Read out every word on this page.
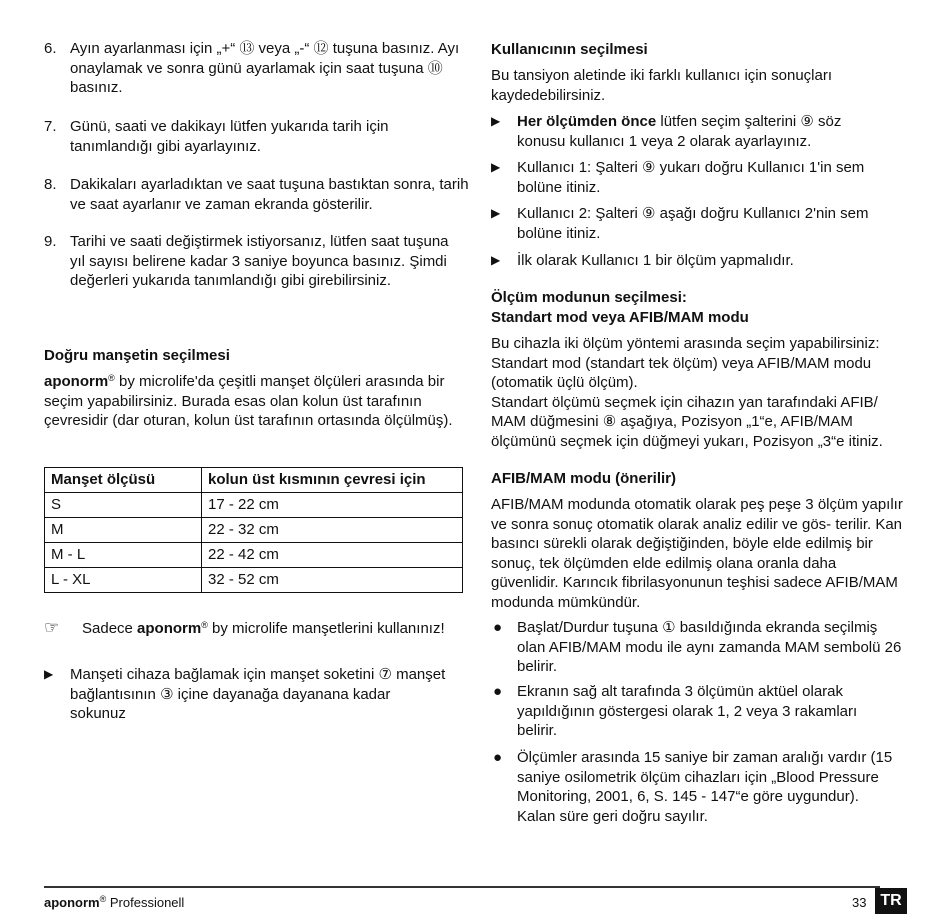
6. Ayın ayarlanması için „+“ ⑬ veya „-“ ⑫ tuşuna basınız. Ayı onaylamak ve sonra günü ayarlamak için saat tuşuna ⑩ basınız.
7. Günü, saati ve dakikayı lütfen yukarıda tarih için tanımlandığı gibi ayarlayınız.
8. Dakikaları ayarladıktan ve saat tuşuna bastıktan sonra, tarih ve saat ayarlanır ve zaman ekranda gösterilir.
9. Tarihi ve saati değiştirmek istiyorsanız, lütfen saat tuşuna yıl sayısı belirene kadar 3 saniye boyunca basınız. Şimdi değerleri yukarıda tanımlandığı gibi girebilirsiniz.
Doğru manşetin seçilmesi
aponorm® by microlife'da çeşitli manşet ölçüleri arasında bir seçim yapabilirsiniz. Burada esas olan kolun üst tarafının çevresidir (dar oturan, kolun üst tarafının ortasında ölçülmüş).
Manşet ölçüsü	kolun üst kısmının çevresi için
S	17 - 22 cm
M	22 - 32 cm
M - L	22 - 42 cm
L - XL	32 - 52 cm
☞ Sadece aponorm® by microlife manşetlerini kullanınız!
▶ Manşeti cihaza bağlamak için manşet soketini ⑦ manşet bağlantısının ③ içine dayanağa dayanana kadar sokunuz
Kullanıcının seçilmesi
Bu tansiyon aletinde iki farklı kullanıcı için sonuçları kaydedebilirsiniz.
▶ Her ölçümden önce lütfen seçim şalterini ⑨ söz konusu kullanıcı 1 veya 2 olarak ayarlayınız.
▶ Kullanıcı 1: Şalteri ⑨ yukarı doğru Kullanıcı 1'in sem bolüne itiniz.
▶ Kullanıcı 2: Şalteri ⑨ aşağı doğru Kullanıcı 2'nin sem bolüne itiniz.
▶ İlk olarak Kullanıcı 1 bir ölçüm yapmalıdır.
Ölçüm modunun seçilmesi:
Standart mod veya AFIB/MAM modu
Bu cihazla iki ölçüm yöntemi arasında seçim yapabilirsiniz: Standart mod (standart tek ölçüm) veya AFIB/MAM modu (otomatik üçlü ölçüm).
Standart ölçümü seçmek için cihazın yan tarafındaki AFIB/ MAM düğmesini ⑧ aşağıya, Pozisyon „1“e, AFIB/MAM ölçümünü seçmek için düğmeyi yukarı, Pozisyon „3“e itiniz.
AFIB/MAM modu (önerilir)
AFIB/MAM modunda otomatik olarak peş peşe 3 ölçüm yapılır ve sonra sonuç otomatik olarak analiz edilir ve gös- terilir. Kan basıncı sürekli olarak değiştiğinden, böyle elde edilmiş bir sonuç, tek ölçümden elde edilmiş olana oranla daha güvenlidir. Karıncık fibrilasyonunun teşhisi sadece AFIB/MAM modunda mümkündür.
● Başlat/Durdur tuşuna ① basıldığında ekranda seçilmiş olan AFIB/MAM modu ile aynı zamanda MAM sembolü 26 belirir.
● Ekranın sağ alt tarafında 3 ölçümün aktüel olarak yapıldığının göstergesi olarak 1, 2 veya 3 rakamları belirir.
● Ölçümler arasında 15 saniye bir zaman aralığı vardır (15 saniye osilometrik ölçüm cihazları için „Blood Pressure Monitoring, 2001, 6, S. 145 - 147“e göre uygundur). Kalan süre geri doğru sayılır.
aponorm® Professionell	33 TR
